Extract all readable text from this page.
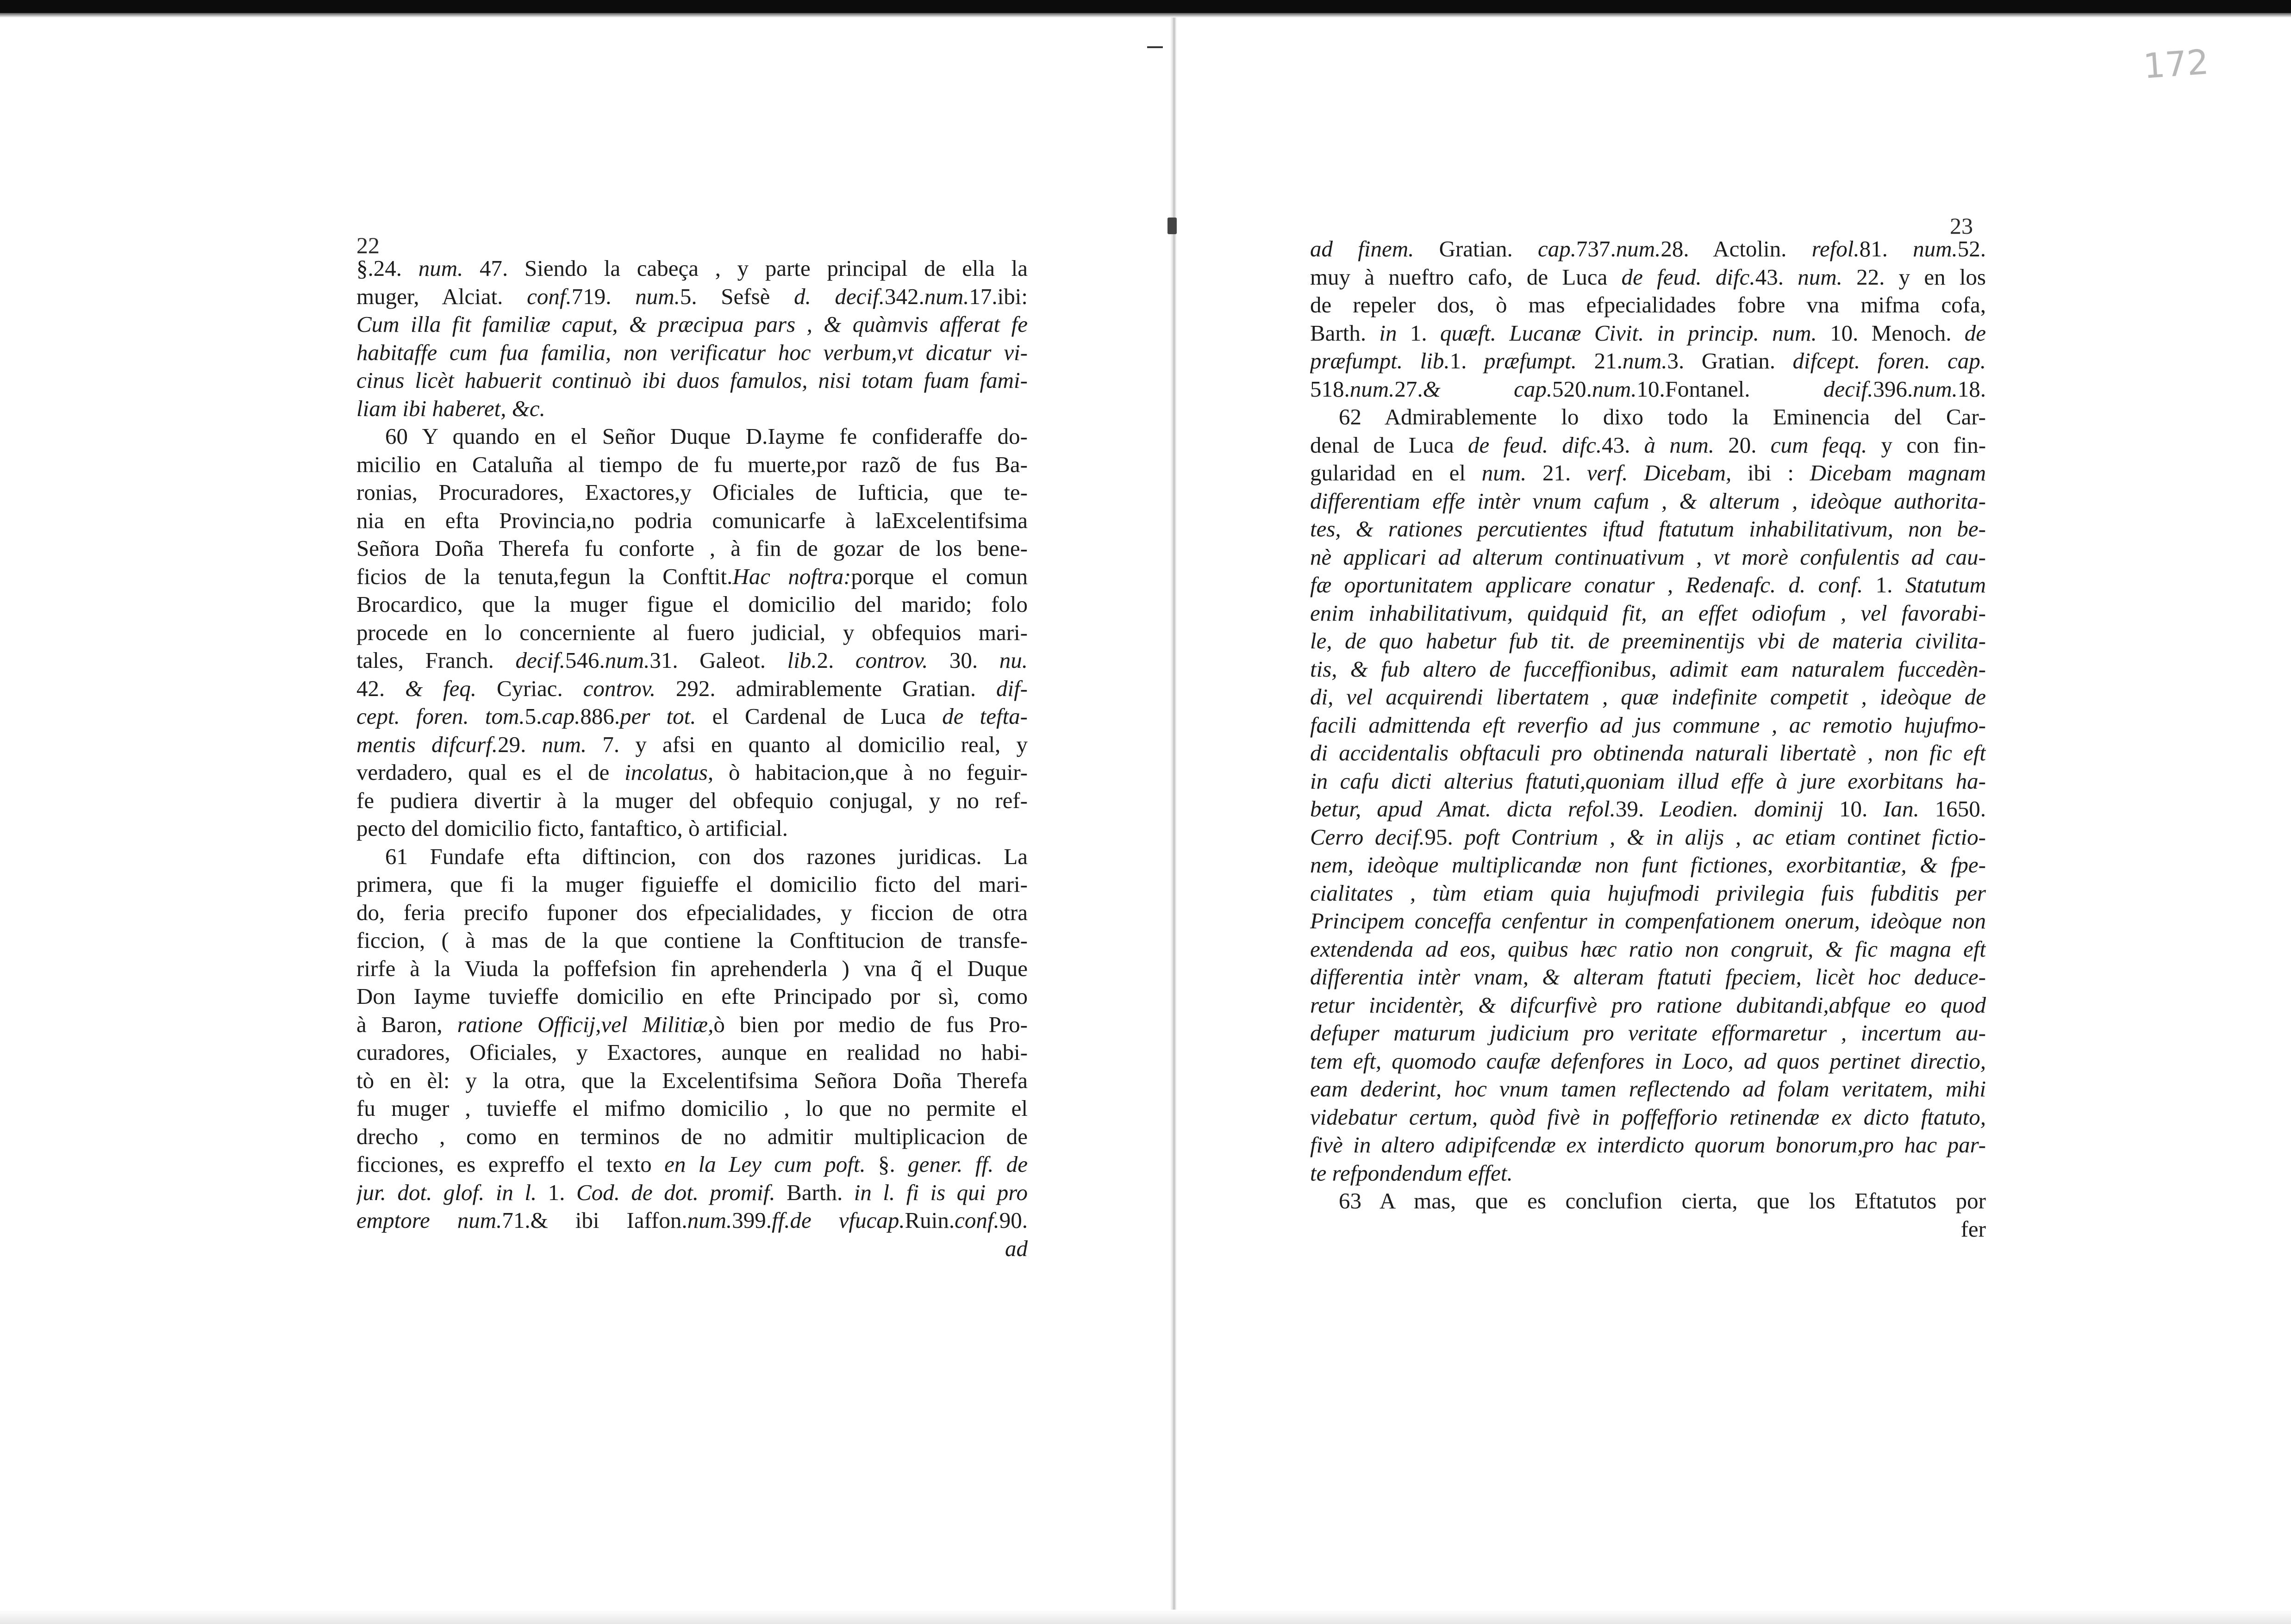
172
22
23
§.24. num. 47. Siendo la cabeça , y parte principal de ella la
muger, Alciat. conf.719. num.5. Sefsè d. decif.342.num.17.ibi:
Cum illa fit familiæ caput, & præcipua pars , & quàmvis afferat fe
habitaffe cum fua familia, non verificatur hoc verbum,vt dicatur vi-
cinus licèt habuerit continuò ibi duos famulos, nisi totam fuam fami-
liam ibi haberet, &c.
60 Y quando en el Señor Duque D.Iayme fe confideraffe do-
micilio en Cataluña al tiempo de fu muerte,por razõ de fus Ba-
ronias, Procuradores, Exactores,y Oficiales de Iufticia, que te-
nia en efta Provincia,no podria comunicarfe à laExcelentifsima
Señora Doña Therefa fu conforte , à fin de gozar de los bene-
ficios de la tenuta,fegun la Conftit.Hac noftra:porque el comun
Brocardico, que la muger figue el domicilio del marido; folo
procede en lo concerniente al fuero judicial, y obfequios mari-
tales, Franch. decif.546.num.31. Galeot. lib.2. controv. 30. nu.
42. & feq. Cyriac. controv. 292. admirablemente Gratian. dif-
cept. foren. tom.5.cap.886.per tot. el Cardenal de Luca de tefta-
mentis difcurf.29. num. 7. y afsi en quanto al domicilio real, y
verdadero, qual es el de incolatus, ò habitacion,que à no feguir-
fe pudiera divertir à la muger del obfequio conjugal, y no ref-
pecto del domicilio ficto, fantaftico, ò artificial.
61 Fundafe efta diftincion, con dos razones juridicas. La
primera, que fi la muger figuieffe el domicilio ficto del mari-
do, feria precifo fuponer dos efpecialidades, y ficcion de otra
ficcion, ( à mas de la que contiene la Conftitucion de transfe-
rirfe à la Viuda la poffefsion fin aprehenderla ) vna q̃ el Duque
Don Iayme tuvieffe domicilio en efte Principado por sì, como
à Baron, ratione Officij,vel Militiæ,ò bien por medio de fus Pro-
curadores, Oficiales, y Exactores, aunque en realidad no habi-
tò en èl: y la otra, que la Excelentifsima Señora Doña Therefa
fu muger , tuvieffe el mifmo domicilio , lo que no permite el
drecho , como en terminos de no admitir multiplicacion de
ficciones, es expreffo el texto en la Ley cum poft. §. gener. ff. de
jur. dot. glof. in l. 1. Cod. de dot. promif. Barth. in l. fi is qui pro
emptore num.71.& ibi Iaffon.num.399.ff.de vfucap.Ruin.conf.90.
ad
ad finem. Gratian. cap.737.num.28. Actolin. refol.81. num.52.
muy à nueftro cafo, de Luca de feud. difc.43. num. 22. y en los
de repeler dos, ò mas efpecialidades fobre vna mifma cofa,
Barth. in 1. quæft. Lucanæ Civit. in princip. num. 10. Menoch. de
præfumpt. lib.1. præfumpt. 21.num.3. Gratian. difcept. foren. cap.
518.num.27.& cap.520.num.10.Fontanel. decif.396.num.18.
62 Admirablemente lo dixo todo la Eminencia del Car-
denal de Luca de feud. difc.43. à num. 20. cum feqq. y con fin-
gularidad en el num. 21. verf. Dicebam, ibi : Dicebam magnam
differentiam effe intèr vnum cafum , & alterum , ideòque authorita-
tes, & rationes percutientes iftud ftatutum inhabilitativum, non be-
nè applicari ad alterum continuativum , vt morè confulentis ad cau-
fæ oportunitatem applicare conatur , Redenafc. d. conf. 1. Statutum
enim inhabilitativum, quidquid fit, an effet odiofum , vel favorabi-
le, de quo habetur fub tit. de preeminentijs vbi de materia civilita-
tis, & fub altero de fucceffionibus, adimit eam naturalem fuccedèn-
di, vel acquirendi libertatem , quæ indefinite competit , ideòque de
facili admittenda eft reverfio ad jus commune , ac remotio hujufmo-
di accidentalis obftaculi pro obtinenda naturali libertatè , non fic eft
in cafu dicti alterius ftatuti,quoniam illud effe à jure exorbitans ha-
betur, apud Amat. dicta refol.39. Leodien. dominij 10. Ian. 1650.
Cerro decif.95. poft Contrium , & in alijs , ac etiam continet fictio-
nem, ideòque multiplicandæ non funt fictiones, exorbitantiæ, & fpe-
cialitates , tùm etiam quia hujufmodi privilegia fuis fubditis per
Principem conceffa cenfentur in compenfationem onerum, ideòque non
extendenda ad eos, quibus hæc ratio non congruit, & fic magna eft
differentia intèr vnam, & alteram ftatuti fpeciem, licèt hoc deduce-
retur incidentèr, & difcurfivè pro ratione dubitandi,abfque eo quod
defuper maturum judicium pro veritate efformaretur , incertum au-
tem eft, quomodo caufæ defenfores in Loco, ad quos pertinet directio,
eam dederint, hoc vnum tamen reflectendo ad folam veritatem, mihi
videbatur certum, quòd fivè in poffefforio retinendæ ex dicto ftatuto,
fivè in altero adipifcendæ ex interdicto quorum bonorum,pro hac par-
te refpondendum effet.
63 A mas, que es conclufion cierta, que los Eftatutos por
fer
